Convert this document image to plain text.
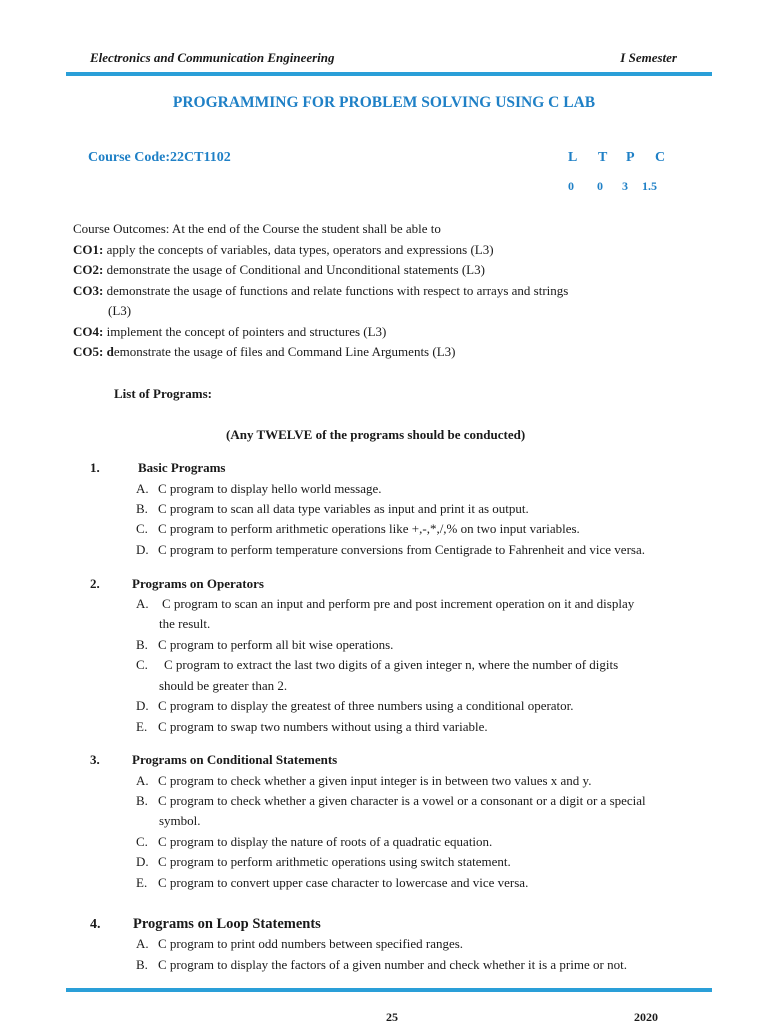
Electronics and Communication Engineering	I Semester
PROGRAMMING FOR PROBLEM SOLVING USING C LAB
Course Code:22CT1102	L T P C
0 0 3 1.5
Course Outcomes: At the end of the Course the student shall be able to
CO1: apply the concepts of variables, data types, operators and expressions (L3)
CO2: demonstrate the usage of Conditional and Unconditional statements (L3)
CO3: demonstrate the usage of functions and relate functions with respect to arrays and strings
(L3)
CO4: implement the concept of pointers and structures (L3)
CO5: demonstrate the usage of files and Command Line Arguments (L3)
List of Programs:
(Any TWELVE of the programs should be conducted)
1.	Basic Programs
A. C program to display hello world message.
B. C program to scan all data type variables as input and print it as output.
C. C program to perform arithmetic operations like +,-,*,/,% on two input variables.
D. C program to perform temperature conversions from Centigrade to Fahrenheit and vice versa.
2. Programs on Operators
A. C program to scan an input and perform pre and post increment operation on it and display
the result.
B. C program to perform all bit wise operations.
C. C program to extract the last two digits of a given integer n, where the number of digits
should be greater than 2.
D. C program to display the greatest of three numbers using a conditional operator.
E. C program to swap two numbers without using a third variable.
3. Programs on Conditional Statements
A. C program to check whether a given input integer is in between two values x and y.
B. C program to check whether a given character is a vowel or a consonant or a digit or a special
symbol.
C. C program to display the nature of roots of a quadratic equation.
D. C program to perform arithmetic operations using switch statement.
E. C program to convert upper case character to lowercase and vice versa.
4. Programs on Loop Statements
A. C program to print odd numbers between specified ranges.
B. C program to display the factors of a given number and check whether it is a prime or not.
25	2020
